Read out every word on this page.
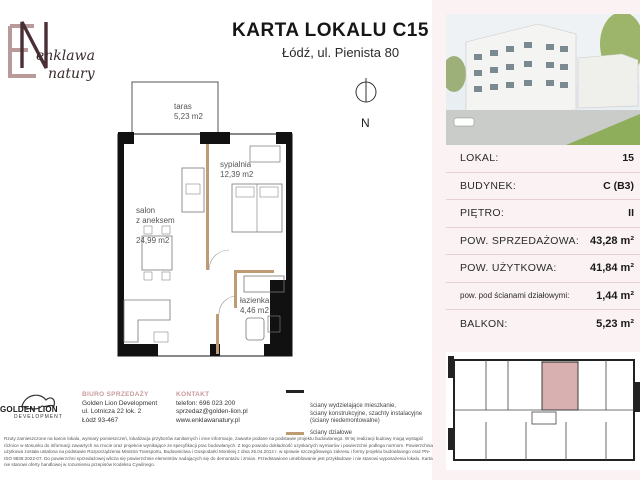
enklawa
natury
KARTA LOKALU C15
Łódź, ul. Pienista 80
N
taras
5,23 m2
sypialnia
12,39 m2

salon
z aneksem

24,99 m2

łazienka
4,46 m2
LOKAL:	15
BUDYNEK:	C (B3)
PIĘTRO:	II
POW. SPRZEDAŻOWA: 43,28 m²
POW. UŻYTKOWA:	41,84 m²
pow. pod ścianami działowymi: 1,44 m²
BALKON:	5,23 m²
GOLDEN LION
DEVELOPMENT
BIURO SPRZEDAŻY
Golden Lion Development
ul. Lotnicza 22 lok. 2
Łódź 93-467
KONTAKT
telefon: 696 023 200
sprzedaz@golden-lion.pl
www.enklawanatury.pl

ściany wydzielające mieszkanie,
ściany konstrukcyjne, szachty instalacyjne
(ściany niedemontowalne)

ściany działowe
Rzuty zamieszczone na karcie lokalu, wymiary pomieszczeń, lokalizacja przyborów sanitarnych i inne informacje, zawarte podane na podstawie projektu budowlanego. W tej realizacji budowy mogą wystąpić różnice w stosunku do informacji zawartych na rzucie oraz projekcie wynikające ze specyfikacji prac budowlanych. Z tego powodu dokładność uzyskanych wymiarów i powierzchni podlega normom. Powierzchnia użytkowa została ustalona na podstawie Rozporządzenia Ministra Transportu, Budownictwa i Gospodarki Morskiej z dnia 25.04.2012 r. w sprawie szczegółowego zakresu i formy projektu budowlanego oraz PN-ISO 9836:2022-07. Do powierzchni sprzedażowej wlicza się powierzchnie elementów nadających się do demontażu i zmian. Przedstawione umeblowanie jest przykładowe i nie stanowi wyposażenia lokalu. Karta nie stanowi oferty handlowej w rozumieniu przepisów Kodeksu Cywilnego.
